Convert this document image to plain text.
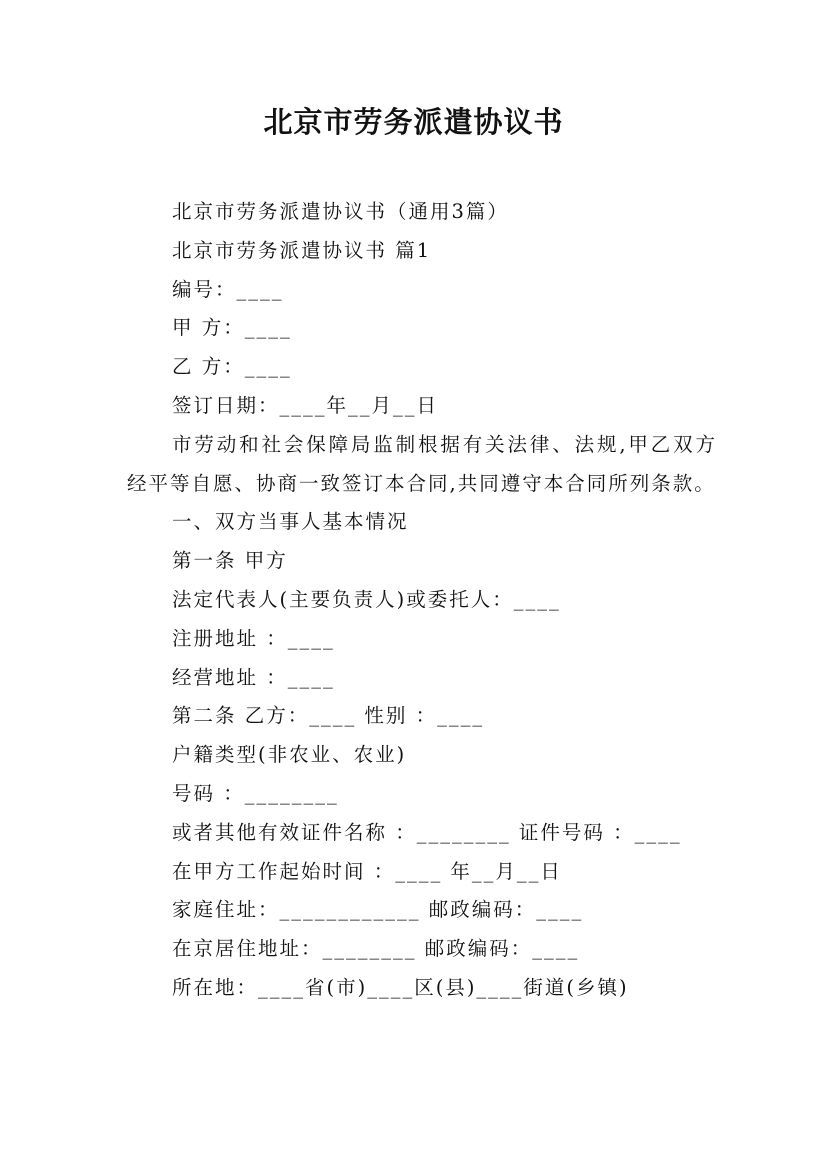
北京市劳务派遣协议书

北京市劳务派遣协议书（通用3篇）

北京市劳务派遣协议书 篇1

编号：____

甲 方：____

乙 方：____

签订日期：____年__月__日

市劳动和社会保障局监制根据有关法律、法规,甲乙双方经平等自愿、协商一致签订本合同,共同遵守本合同所列条款。

一、双方当事人基本情况

第一条 甲方

法定代表人(主要负责人)或委托人：____

注册地址 ：____

经营地址 ：____

第二条 乙方：____ 性别 ：____

户籍类型(非农业、农业)

号码 ：________

或者其他有效证件名称 ：________ 证件号码 ：____

在甲方工作起始时间 ：____ 年__月__日

家庭住址：____________ 邮政编码：____

在京居住地址：________ 邮政编码：____

所在地：____省(市)____区(县)____街道(乡镇)
